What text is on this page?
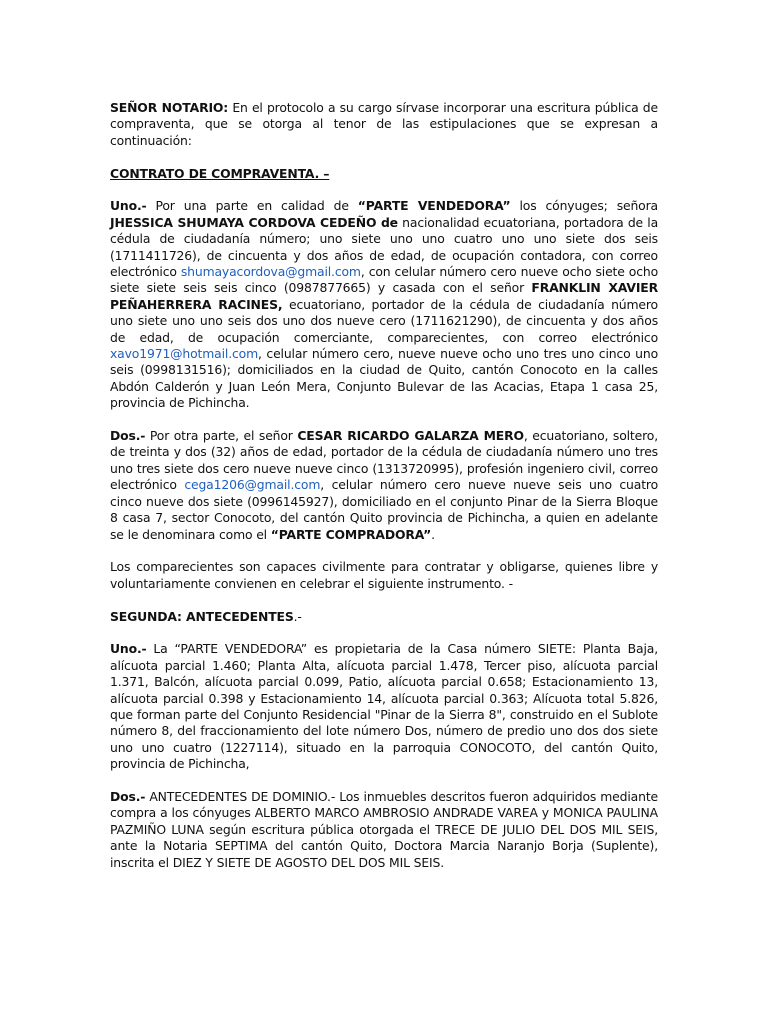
SEÑOR NOTARIO: En el protocolo a su cargo sírvase incorporar una escritura pública de compraventa, que se otorga al tenor de las estipulaciones que se expresan a continuación:

CONTRATO DE COMPRAVENTA. –

Uno.- Por una parte en calidad de “PARTE VENDEDORA” los cónyuges; señora JHESSICA SHUMAYA CORDOVA CEDEÑO de nacionalidad ecuatoriana, portadora de la cédula de ciudadanía número; uno siete uno uno cuatro uno uno siete dos seis (1711411726), de cincuenta y dos años de edad, de ocupación contadora, con correo electrónico shumayacordova@gmail.com, con celular número cero nueve ocho siete ocho siete siete seis seis cinco (0987877665) y casada con el señor FRANKLIN XAVIER PEÑAHERRERA RACINES, ecuatoriano, portador de la cédula de ciudadanía número uno siete uno uno seis dos uno dos nueve cero (1711621290), de cincuenta y dos años de edad, de ocupación comerciante, comparecientes, con correo electrónico xavo1971@hotmail.com, celular número cero, nueve nueve ocho uno tres uno cinco uno seis (0998131516); domiciliados en la ciudad de Quito, cantón Conocoto en la calles Abdón Calderón y Juan León Mera, Conjunto Bulevar de las Acacias, Etapa 1 casa 25, provincia de Pichincha.

Dos.- Por otra parte, el señor CESAR RICARDO GALARZA MERO, ecuatoriano, soltero, de treinta y dos (32) años de edad, portador de la cédula de ciudadanía número uno tres uno tres siete dos cero nueve nueve cinco (1313720995), profesión ingeniero civil, correo electrónico cega1206@gmail.com, celular número cero nueve nueve seis uno cuatro cinco nueve dos siete (0996145927), domiciliado en el conjunto Pinar de la Sierra Bloque 8 casa 7, sector Conocoto, del cantón Quito provincia de Pichincha, a quien en adelante se le denominara como el “PARTE COMPRADORA”.

Los comparecientes son capaces civilmente para contratar y obligarse, quienes libre y voluntariamente convienen en celebrar el siguiente instrumento. -

SEGUNDA: ANTECEDENTES.-

Uno.- La “PARTE VENDEDORA” es propietaria de la Casa número SIETE: Planta Baja, alícuota parcial 1.460; Planta Alta, alícuota parcial 1.478, Tercer piso, alícuota parcial 1.371, Balcón, alícuota parcial 0.099, Patio, alícuota parcial 0.658; Estacionamiento 13, alícuota parcial 0.398 y Estacionamiento 14, alícuota parcial 0.363; Alícuota total 5.826, que forman parte del Conjunto Residencial "Pinar de la Sierra 8", construido en el Sublote número 8, del fraccionamiento del lote número Dos, número de predio uno dos dos siete uno uno cuatro (1227114), situado en la parroquia CONOCOTO, del cantón Quito, provincia de Pichincha,

Dos.- ANTECEDENTES DE DOMINIO.- Los inmuebles descritos fueron adquiridos mediante compra a los cónyuges ALBERTO MARCO AMBROSIO ANDRADE VAREA y MONICA PAULINA PAZMIÑO LUNA según escritura pública otorgada el TRECE DE JULIO DEL DOS MIL SEIS, ante la Notaria SEPTIMA del cantón Quito, Doctora Marcia Naranjo Borja (Suplente), inscrita el DIEZ Y SIETE DE AGOSTO DEL DOS MIL SEIS.
